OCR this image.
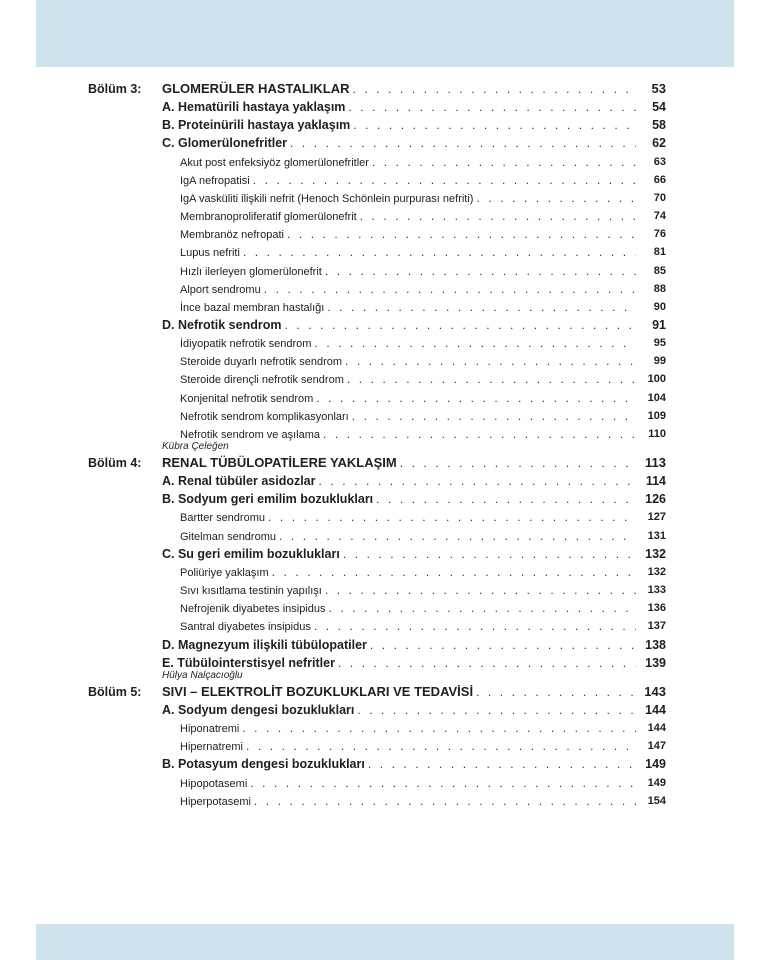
Bölüm 3: GLOMERÜLER HASTALIKLAR . . .	53
A. Hematürili hastaya yaklaşım . . .	54
B. Proteinürili hastaya yaklaşım . . .	58
C. Glomerülonefritler . . .	62
Akut post enfeksiyöz glomerülonefritler . . .	63
IgA nefropatisi . . .	66
IgA vasküliti ilişkili nefrit (Henoch Schönlein purpurası nefriti) . . .	70
Membranoproliferatif glomerülonefrit . . .	74
Membranöz nefropati . . .	76
Lupus nefriti . . .	81
Hızlı ilerleyen glomerülonefrit . . .	85
Alport sendromu . . .	88
İnce bazal membran hastalığı . . .	90
D. Nefrotik sendrom . . .	91
İdiyopatik nefrotik sendrom . . .	95
Steroide duyarlı nefrotik sendrom . . .	99
Steroide dirençli nefrotik sendrom . . .	100
Konjenital nefrotik sendrom . . .	104
Nefrotik sendrom komplikasyonları . . .	109
Nefrotik sendrom ve aşılama . . .	110
Kübra Çeleğen
Bölüm 4: RENAL TÜBÜLOPATİLERE YAKLAŞIM . . .	113
A. Renal tübüler asidozlar . . .	114
B. Sodyum geri emilim bozuklukları . . .	126
Bartter sendromu . . .	127
Gitelman sendromu . . .	131
C. Su geri emilim bozuklukları . . .	132
Poliüriye yaklaşım . . .	132
Sıvı kısıtlama testinin yapılışı . . .	133
Nefrojenik diyabetes insipidus . . .	136
Santral diyabetes insipidus . . .	137
D. Magnezyum ilişkili tübülopatiler . . .	138
E. Tübülointerstisyel nefritler . . .	139
Hülya Nalçacıoğlu
Bölüm 5: SIVI – ELEKTROLİT BOZUKLUKLARI VE TEDAVİSİ . . .	143
A. Sodyum dengesi bozuklukları . . .	144
Hiponatremi . . .	144
Hipernatremi . . .	147
B. Potasyum dengesi bozuklukları . . .	149
Hipopotasemi . . .	149
Hiperpotasemi . . .	154
